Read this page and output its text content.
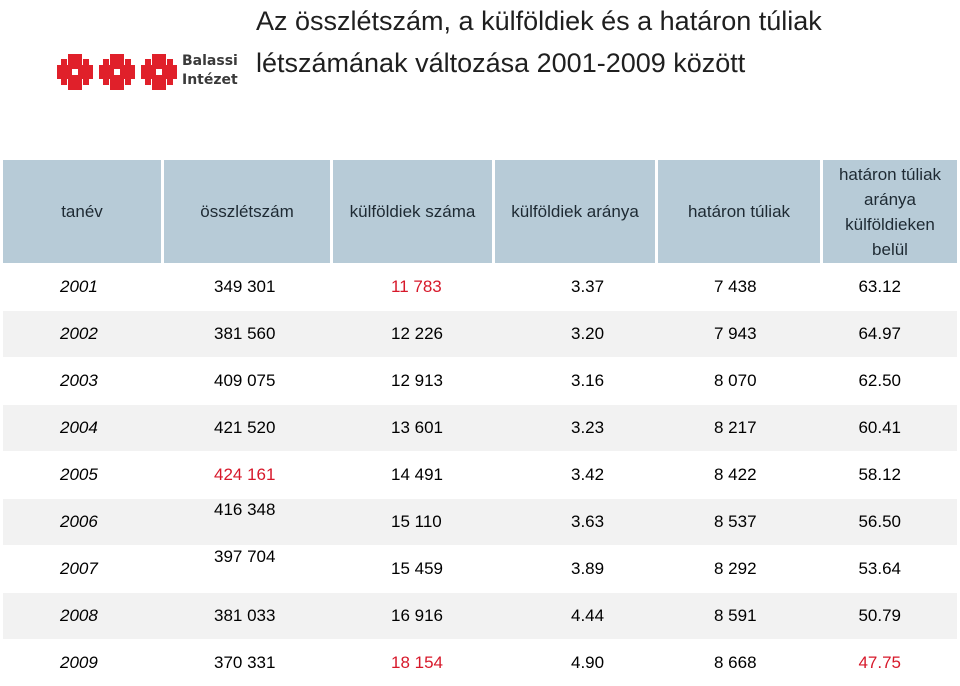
Balassi
Intézet
Az összlétszám, a külföldiek és a határon túliak létszámának változása 2001-2009 között
tanév	összlétszám	külföldiek száma	külföldiek aránya	határon túliak	határon túliak aránya külföldieken belül
2001	349 301	11 783	3.37	7 438	63.12
2002	381 560	12 226	3.20	7 943	64.97
2003	409 075	12 913	3.16	8 070	62.50
2004	421 520	13 601	3.23	8 217	60.41
2005	424 161	14 491	3.42	8 422	58.12
2006	416 348	15 110	3.63	8 537	56.50
2007	397 704	15 459	3.89	8 292	53.64
2008	381 033	16 916	4.44	8 591	50.79
2009	370 331	18 154	4.90	8 668	47.75
